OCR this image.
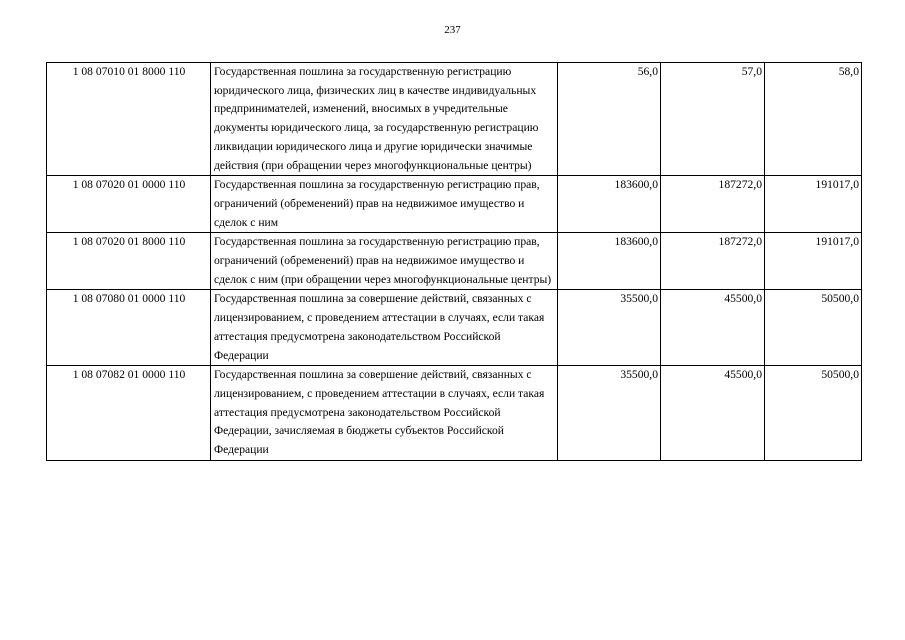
237
1 08 07010 01 8000 110	Государственная пошлина за государственную регистрацию юридического лица, физических лиц в качестве индивидуальных предпринимателей, изменений, вносимых в учредительные документы юридического лица, за государственную регистрацию ликвидации юридического лица и другие юридически значимые действия (при обращении через многофункциональные центры)	56,0	57,0	58,0
1 08 07020 01 0000 110	Государственная пошлина за государственную регистрацию прав, ограничений (обременений) прав на недвижимое имущество и сделок с ним	183600,0	187272,0	191017,0
1 08 07020 01 8000 110	Государственная пошлина за государственную регистрацию прав, ограничений (обременений) прав на недвижимое имущество и сделок с ним (при обращении через многофункциональные центры)	183600,0	187272,0	191017,0
1 08 07080 01 0000 110	Государственная пошлина за совершение действий, связанных с лицензированием, с проведением аттестации в случаях, если такая аттестация предусмотрена законодательством Российской Федерации	35500,0	45500,0	50500,0
1 08 07082 01 0000 110	Государственная пошлина за совершение действий, связанных с лицензированием, с проведением аттестации в случаях, если такая аттестация предусмотрена законодательством Российской Федерации, зачисляемая в бюджеты субъектов Российской Федерации	35500,0	45500,0	50500,0
